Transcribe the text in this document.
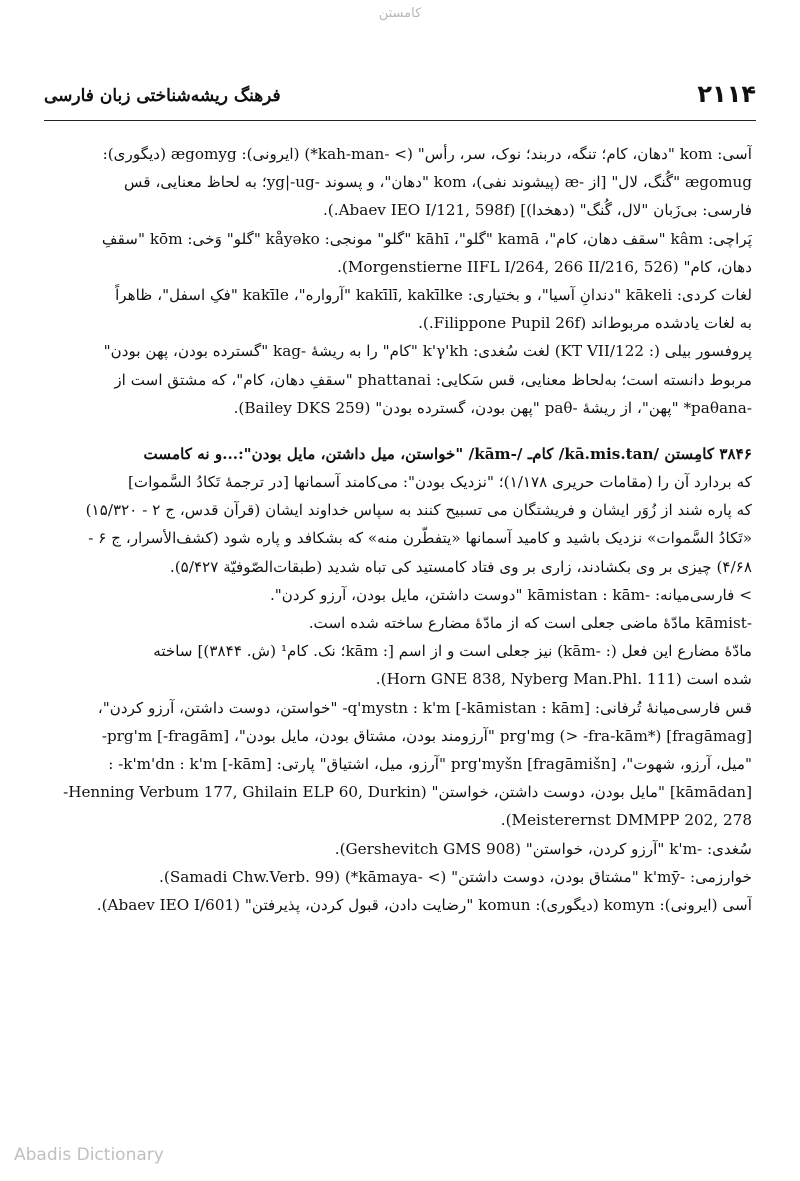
کامستن
۲۱۱۴
فرهنگ ریشه‌شناختی زبان فارسی
آسی: kom "دهان، کام؛ تنگه، دربند؛ نوک، سر، رأس" (> -kah-man*) (ایرونی): ægomyg (دیگوری):
ægomug "گُنگ، لال" [از -æ (پیشوند نفی)، kom "دهان"، و پسوند -yg|-ug؛ به لحاظ معنایی، قس
فارسی: بی‌زَبان "لال، گُنگ" (دهخدا)] (Abaev IEO I/121, 598f.).
پَراچی: kâm "سقف دهان، کام"، kamā "گلو"، kāhī "گلو" مونجی: kåyəko "گلو" وَخی: kōm "سقفِ
دهان، کام" (Morgenstierne IIFL I/264, 266 II/216, 526).
لغات کردی: kākeli "دندانِ آسیا"، و بختیاری: kakīlī, kakīlke "آرواره"، kakīle "فکِ اسفل"، ظاهراً
به لغات یادشده مربوط‌اند (Filippone Pupil 26f.).
پروفسور بیلی (: KT VII/122) لغت سُغدی: k'γ'kh "کام" را به ریشهٔ -kag "گسترده بودن، پهن بودن"
مربوط دانسته است؛ به‌لحاظ معنایی، قس سَکایی: phattanai "سقفِ دهان، کام"، که مشتق است از
-paθana* "پهن"، از ریشهٔ -paθ "پهن بودن، گسترده بودن" (Bailey DKS 259).
۳۸۴۶ کامِستن /kā.mis.tan/ کام‌ـ /-kām/ "خواستن، میل داشتن، مایل بودن":...و نه کامست
که بردارد آن را (مقامات حریری ۱/۱۷۸)؛ "نزدیک بودن": می‌کامند آسمانها [در ترجمهٔ تَکادُ السَّموات]
که پاره شند از زُوَر ایشان و فریشتگان می تسبیح کنند به سپاس خداوند ایشان (قرآن قدس، ج ۲ - ۱۵/۳۲۰)
«تَکادُ السَّموات» نزدیک باشید و کامید آسمانها «یتفطّرن منه» که بشکافد و پاره شود (کشف‌الأسرار، ج ۶ -
۴/۶۸) چیزی بر وی بکشادند، زاری بر وی فتاد کامستید کی تباه شدید (طبقات‌الصّوفیّة ۵/۴۲۷).
> فارسی‌میانه: -kāmistan : kām "دوست داشتن، مایل بودن، آرزو کردن".
-kāmist مادّهٔ ماضی جعلی است که از مادّهٔ مضارع ساخته شده است.
مادّهٔ مضارع این فعل (: -kām) نیز جعلی است و از اسم [: kām؛ نک. کام¹ (ش. ۳۸۴۴)] ساخته
شده است (Horn GNE 838, Nyberg Man.Phl. 111).
قس فارسی‌میانهٔ تُرفانی: [kāmistan : kām-] q'mystn : k'm- "خواستن، دوست داشتن، آرزو کردن"،
[fragāmag] prg'mg (> -fra-kām*) "آرزومند بودن، مشتاق بودن، مایل بودن"، [fragām-] prg'm-
"میل، آرزو، شهوت"، [fragāmišn] prg'myšn "آرزو، میل، اشتیاق" پارتی: [kām-] k'm'dn : k'm- :
[kāmādan] "مایل بودن، دوست داشتن، خواستن" (Henning Verbum 177, Ghilain ELP 60, Durkin-
Meisterernst DMMPP 202, 278).
سُغدی: -k'm "آرزو کردن، خواستن" (Gershevitch GMS 908).
خوارزمی: -k'mȳ "مشتاق بودن، دوست داشتن" (> -kāmaya*) (Samadi Chw.Verb. 99).
آسی (ایرونی): komyn (دیگوری): komun "رضایت دادن، قبول کردن، پذیرفتن" (Abaev IEO I/601).
Abadis Dictionary
